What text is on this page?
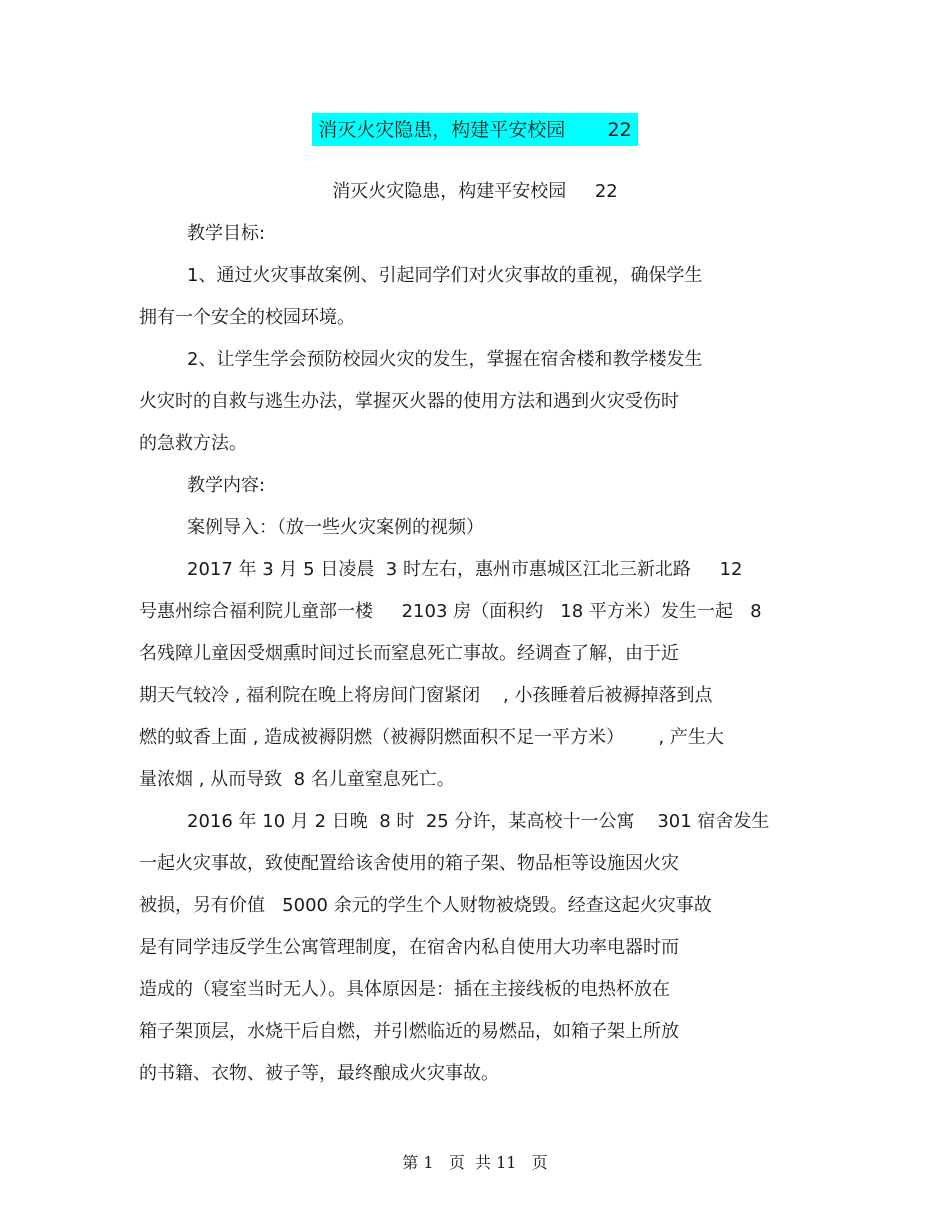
消灭火灾隐患，构建平安校园       22
消灭火灾隐患，构建平安校园     22
教学目标:
1、通过火灾事故案例、引起同学们对火灾事故的重视，确保学生
拥有一个安全的校园环境。
2、让学生学会预防校园火灾的发生，掌握在宿舍楼和教学楼发生
火灾时的自救与逃生办法，掌握灭火器的使用方法和遇到火灾受伤时
的急救方法。
教学内容:
案例导入：（放一些火灾案例的视频）
2017 年 3 月 5 日凌晨  3 时左右，惠州市惠城区江北三新北路     12
号惠州综合福利院儿童部一楼     2103 房（面积约   18 平方米）发生一起   8
名残障儿童因受烟熏时间过长而窒息死亡事故。经调查了解，由于近
期天气较冷 , 福利院在晚上将房间门窗紧闭    , 小孩睡着后被褥掉落到点
燃的蚊香上面 , 造成被褥阴燃（被褥阴燃面积不足一平方米）      , 产生大
量浓烟 , 从而导致  8 名儿童窒息死亡。
2016 年 10 月 2 日晚  8 时  25 分许，某高校十一公寓    301 宿舍发生
一起火灾事故，致使配置给该舍使用的箱子架、物品柜等设施因火灾
被损，另有价值   5000 余元的学生个人财物被烧毁。经查这起火灾事故
是有同学违反学生公寓管理制度，在宿舍内私自使用大功率电器时而
造成的（寝室当时无人）。具体原因是：插在主接线板的电热杯放在
箱子架顶层，水烧干后自燃，并引燃临近的易燃品，如箱子架上所放
的书籍、衣物、被子等，最终酿成火灾事故。
第 1   页  共 11   页
